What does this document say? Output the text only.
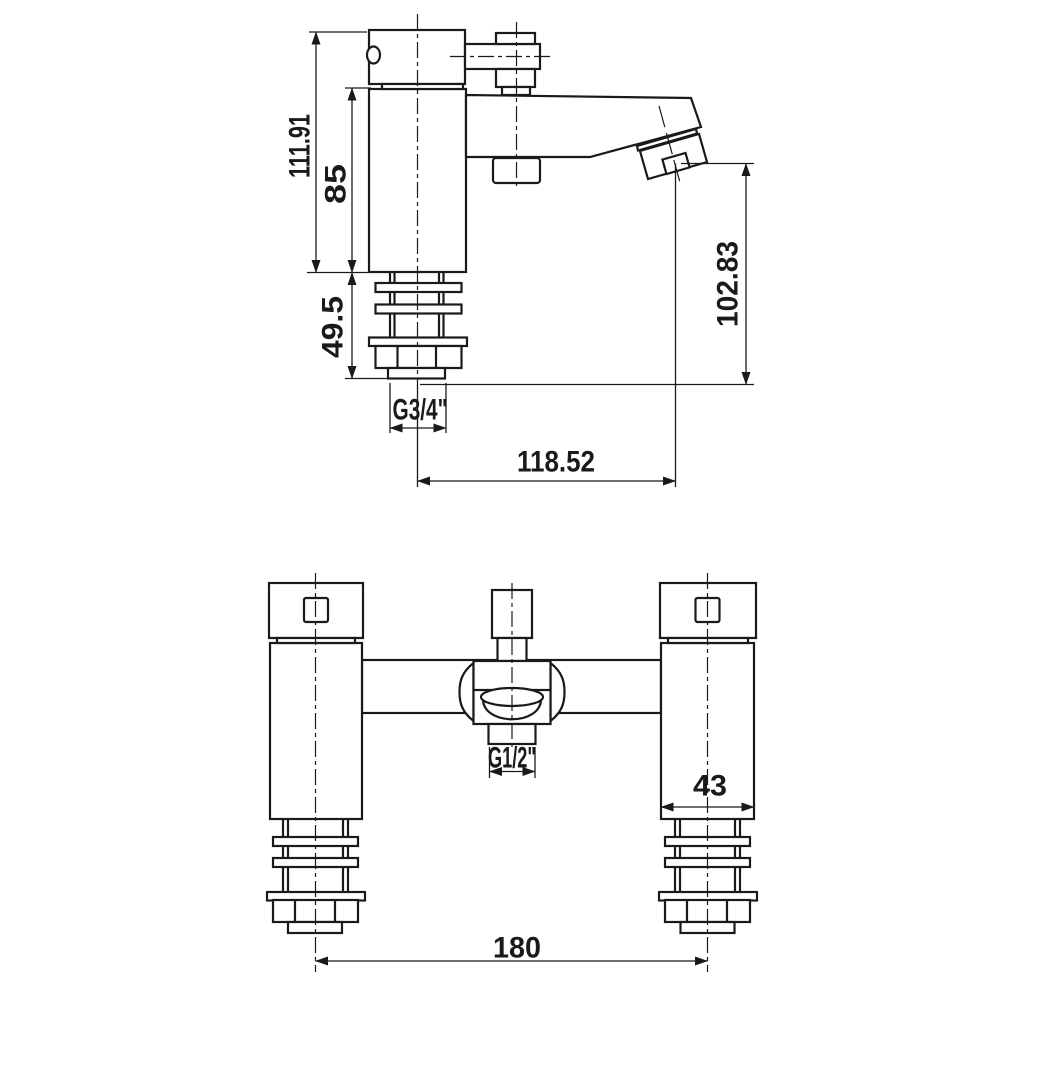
111.91
85
49.5
G3/4"
118.52
102.83
G1/2"
43
180
